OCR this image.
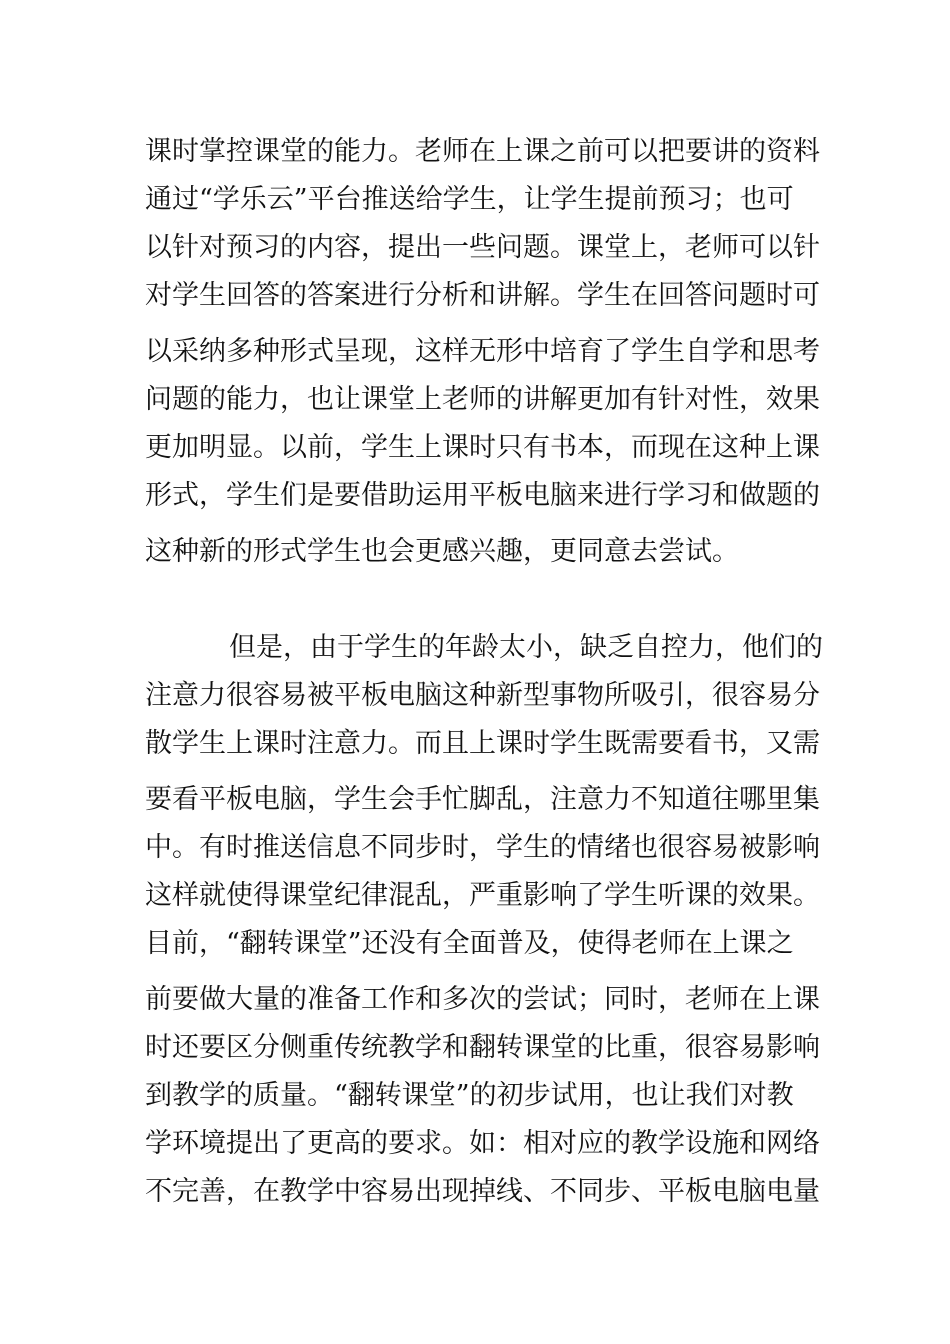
课时掌控课堂的能力。老师在上课之前可以把要讲的资料
通过“学乐云”平台推送给学生，让学生提前预习；也可
以针对预习的内容，提出一些问题。课堂上，老师可以针
对学生回答的答案进行分析和讲解。学生在回答问题时可
以采纳多种形式呈现，这样无形中培育了学生自学和思考
问题的能力，也让课堂上老师的讲解更加有针对性，效果
更加明显。以前，学生上课时只有书本，而现在这种上课
形式，学生们是要借助运用平板电脑来进行学习和做题的
这种新的形式学生也会更感兴趣，更同意去尝试。
但是，由于学生的年龄太小，缺乏自控力，他们的
注意力很容易被平板电脑这种新型事物所吸引，很容易分
散学生上课时注意力。而且上课时学生既需要看书，又需
要看平板电脑，学生会手忙脚乱，注意力不知道往哪里集
中。有时推送信息不同步时，学生的情绪也很容易被影响
这样就使得课堂纪律混乱，严重影响了学生听课的效果。
目前，“翻转课堂”还没有全面普及，使得老师在上课之
前要做大量的准备工作和多次的尝试；同时，老师在上课
时还要区分侧重传统教学和翻转课堂的比重，很容易影响
到教学的质量。“翻转课堂”的初步试用，也让我们对教
学环境提出了更高的要求。如：相对应的教学设施和网络
不完善，在教学中容易出现掉线、不同步、平板电脑电量
